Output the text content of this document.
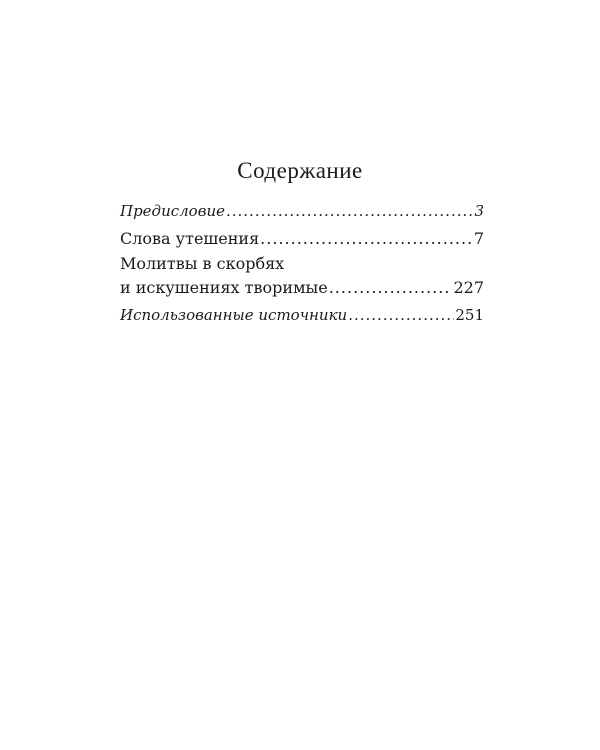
Содержание
Предисловие .....	3
Слова утешения .....	7
Молитвы в скорбях
и искушениях творимые .....	227
Использованные источники .....	251
